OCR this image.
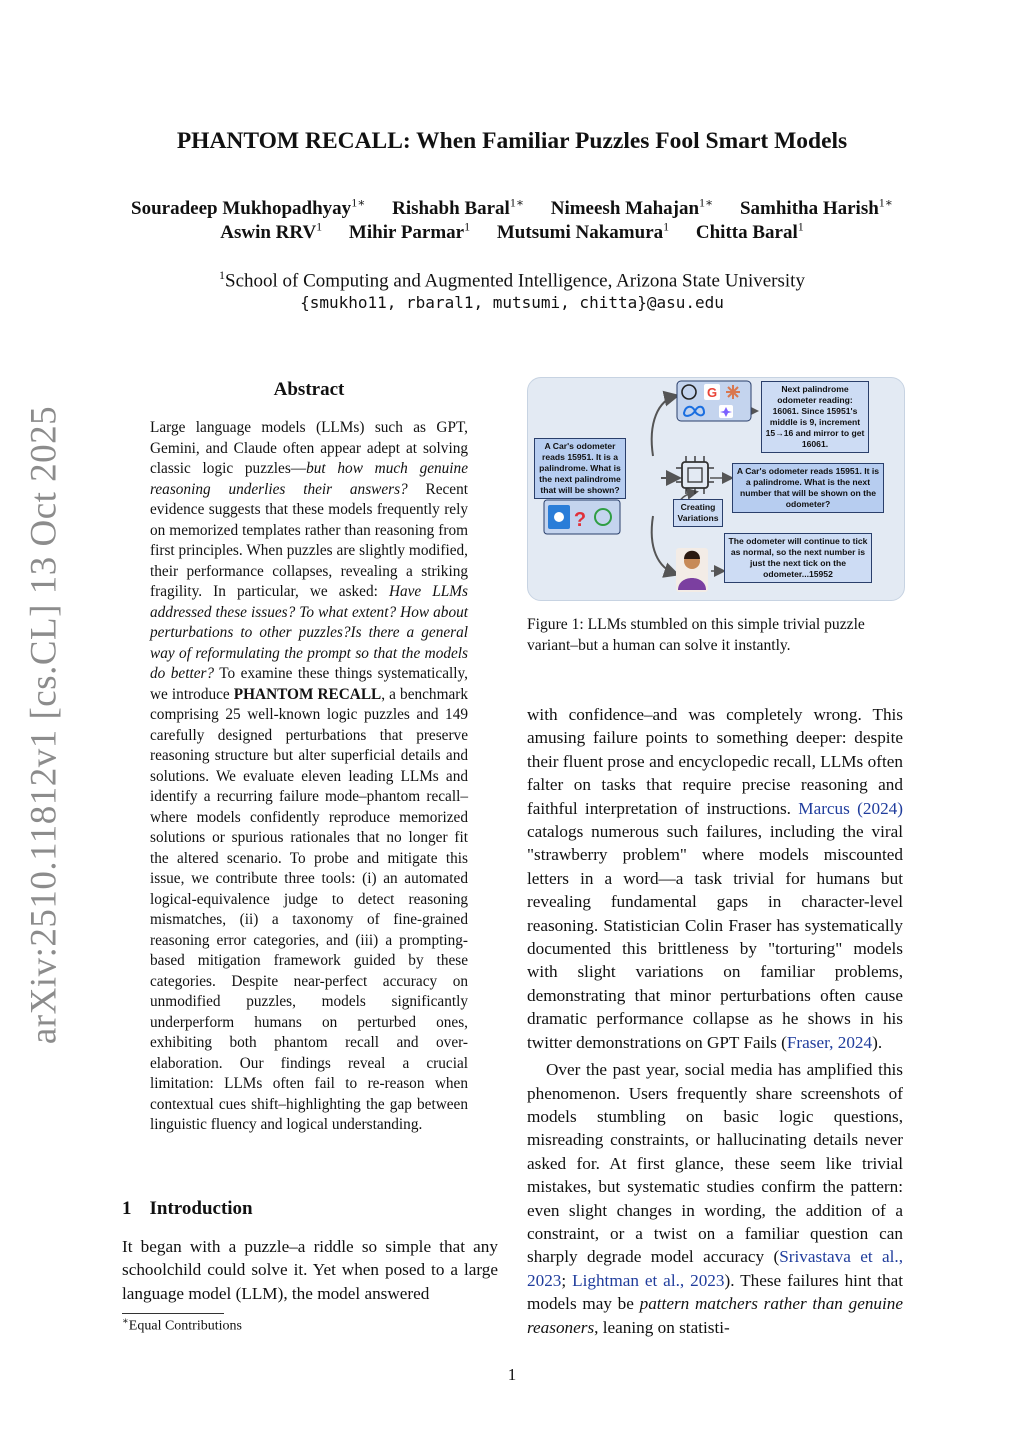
arXiv:2510.11812v1 [cs.CL] 13 Oct 2025
PHANTOM RECALL: When Familiar Puzzles Fool Smart Models
Souradeep Mukhopadhyay$^{1∗}$ Rishabh Baral$^{1∗}$ Nimeesh Mahajan$^{1∗}$ Samhitha Harish$^{1∗}$
Aswin RRV$^1$ Mihir Parmar$^1$ Mutsumi Nakamura$^1$ Chitta Baral$^1$
$^1$School of Computing and Augmented Intelligence, Arizona State University
{smukho11, rbaral1, mutsumi, chitta}@asu.edu
Abstract
Large language models (LLMs) such as GPT, Gemini, and Claude often appear adept at solving classic logic puzzles—but how much genuine reasoning underlies their answers? Recent evidence suggests that these models frequently rely on memorized templates rather than reasoning from first principles. When puzzles are slightly modified, their performance collapses, revealing a striking fragility. In particular, we asked: Have LLMs addressed these issues? To what extent? How about perturbations to other puzzles?Is there a general way of reformulating the prompt so that the models do better? To examine these things systematically, we introduce PHANTOM RECALL, a benchmark comprising 25 well-known logic puzzles and 149 carefully designed perturbations that preserve reasoning structure but alter superficial details and solutions. We evaluate eleven leading LLMs and identify a recurring failure mode–phantom recall–where models confidently reproduce memorized solutions or spurious rationales that no longer fit the altered scenario. To probe and mitigate this issue, we contribute three tools: (i) an automated logical-equivalence judge to detect reasoning mismatches, (ii) a taxonomy of fine-grained reasoning error categories, and (iii) a prompting-based mitigation framework guided by these categories. Despite near-perfect accuracy on unmodified puzzles, models significantly underperform humans on perturbed ones, exhibiting both phantom recall and over-elaboration. Our findings reveal a crucial limitation: LLMs often fail to re-reason when contextual cues shift–highlighting the gap between linguistic fluency and logical understanding.
1 Introduction
It began with a puzzle–a riddle so simple that any schoolchild could solve it. Yet when posed to a large language model (LLM), the model answered
∗Equal Contributions
G
?
A Car's odometer reads 15951. It is a palindrome. What is the next palindrome that will be shown?
Next palindrome odometer reading: 16061. Since 15951's middle is 9, increment 15→16 and mirror to get 16061.
Creating Variations
A Car's odometer reads 15951. It is a palindrome. What is the next number that will be shown on the odometer?
The odometer will continue to tick as normal, so the next number is just the next tick on the odometer...15952
Figure 1: LLMs stumbled on this simple trivial puzzle variant–but a human can solve it instantly.

with confidence–and was completely wrong. This amusing failure points to something deeper: despite their fluent prose and encyclopedic recall, LLMs often falter on tasks that require precise reasoning and faithful interpretation of instructions. Marcus (2024) catalogs numerous such failures, including the viral "strawberry problem" where models miscounted letters in a word—a task trivial for humans but revealing fundamental gaps in character-level reasoning. Statistician Colin Fraser has systematically documented this brittleness by "torturing" models with slight variations on familiar problems, demonstrating that minor perturbations often cause dramatic performance collapse as he shows in his twitter demonstrations on GPT Fails (Fraser, 2024).

Over the past year, social media has amplified this phenomenon. Users frequently share screenshots of models stumbling on basic logic questions, misreading constraints, or hallucinating details never asked for. At first glance, these seem like trivial mistakes, but systematic studies confirm the pattern: even slight changes in wording, the addition of a constraint, or a twist on a familiar question can sharply degrade model accuracy (Srivastava et al., 2023; Lightman et al., 2023). These failures hint that models may be pattern matchers rather than genuine reasoners, leaning on statisti-

1
